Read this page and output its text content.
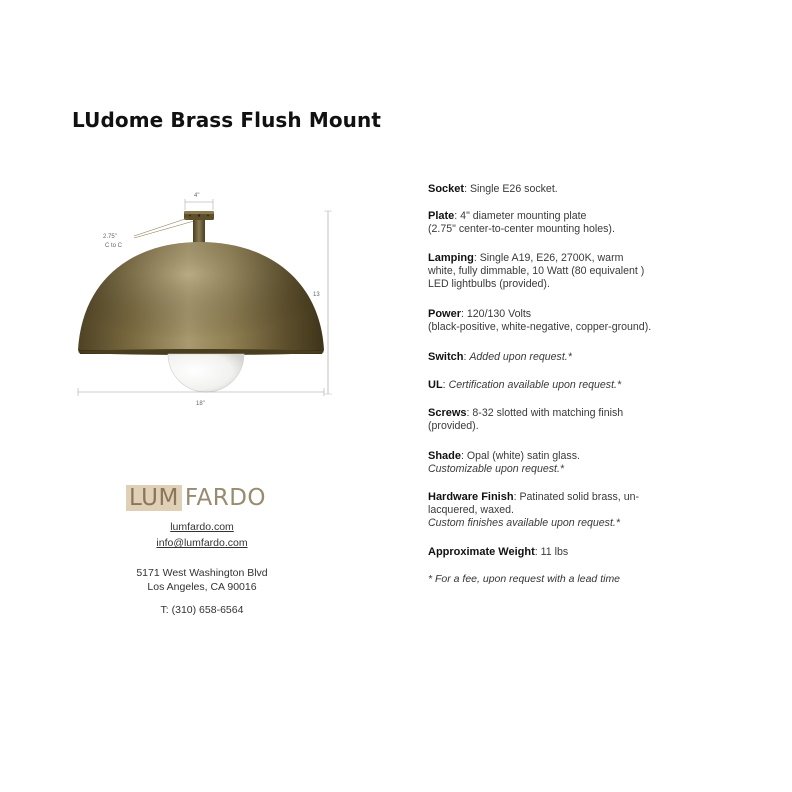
LUdome Brass Flush Mount
4"
2.75"
C to C
13
18"
LUM FARDO
lumfardo.com
info@lumfardo.com
5171 West Washington Blvd
Los Angeles, CA 90016
T: (310) 658-6564
Socket: Single E26 socket.
Plate: 4" diameter mounting plate
(2.75" center-to-center mounting holes).
Lamping: Single A19, E26, 2700K, warm
white, fully dimmable, 10 Watt (80 equivalent )
LED lightbulbs (provided).
Power: 120/130 Volts
(black-positive, white-negative, copper-ground).
Switch: Added upon request.*
UL: Certification available upon request.*
Screws: 8-32 slotted with matching finish
(provided).
Shade: Opal (white) satin glass.
Customizable upon request.*
Hardware Finish: Patinated solid brass, un-
lacquered, waxed.
Custom finishes available upon request.*
Approximate Weight: 11 lbs
* For a fee, upon request with a lead time
